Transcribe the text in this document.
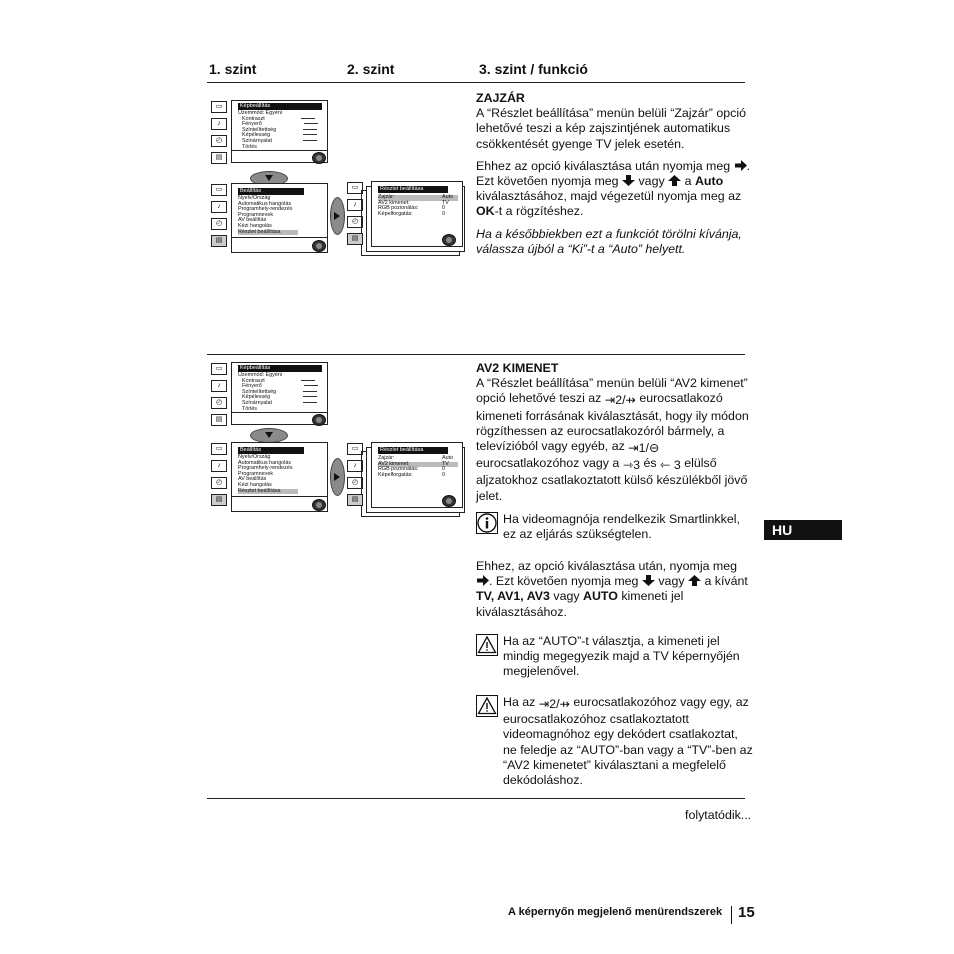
1. szint	2. szint	3. szint / funkció
▭
♪
◴
▤
Képbeállítás
Üzemmód: Egyéni
Kontraszt
Fényerő
Színtelítettség
Képélesség
Színárnyalat
Törlés
▭
♪
◴
▤
Beállítás
Nyelv/Ország
Automatikus hangolás
Programhely-rendezés
Programnevek
AV beállítás
Kézi hangolás
Részlet beállítása
▭
♪
◴
▤
Részlet beállítása
Zajzár:	Auto
AV2 kimenet:	TV
RGB pozionálás:	0
Képelforgatás:	0
ZAJZÁR

A “Részlet beállítása” menün belüli “Zajzár” opció lehetővé teszi a kép zajszintjének automatikus csökkentését gyenge TV jelek esetén.

Ehhez az opció kiválasztása után nyomja meg . Ezt követően nyomja meg vagy a Auto kiválasztásához, majd végezetül nyomja meg az OK-t a rögzítéshez.

Ha a későbbiekben ezt a funkciót törölni kívánja, válassza újból a “Ki”-t a “Auto” helyett.

▭
♪
◴
▤
Képbeállítás
Üzemmód: Egyéni
Kontraszt
Fényerő
Színtelítettség
Képélesség
Színárnyalat
Törlés
▭
♪
◴
▤
Beállítás
Nyelv/Ország
Automatikus hangolás
Programhely-rendezés
Programnevek
AV beállítás
Kézi hangolás
Részlet beállítása
▭
♪
◴
▤
Részlet beállítása
Zajzár:	Auto
AV2 kimenet:	TV
RGB pozionálás:	0
Képelforgatás:	0
AV2 KIMENET

A “Részlet beállítása” menün belüli “AV2 kimenet” opció lehetővé teszi az ⇥2/⇸ eurocsatlakozó kimeneti forrásának kiválasztását, hogy ily módon rögzíthessen az eurocsatlakozóról bármely, a televízióból vagy egyéb, az ⇥1/⊖ eurocsatlakozóhoz vagy a ⇾3 és ⇽ 3 elülső aljzatokhoz csatlakoztatott külső készülékből jövő jelet.

Ha videomagnója rendelkezik Smartlinkkel, ez az eljárás szükségtelen.

Ehhez, az opció kiválasztása után, nyomja meg . Ezt követően nyomja meg vagy a kívánt TV, AV1, AV3 vagy AUTO kimeneti jel kiválasztásához.

Ha az “AUTO”-t választja, a kimeneti jel mindig megegyezik majd a TV képernyőjén megjelenővel.
Ha az ⇥2/⇸ eurocsatlakozóhoz vagy egy, az eurocsatlakozóhoz csatlakoztatott videomagnóhoz egy dekódert csatlakoztat, ne feledje az “AUTO”-ban vagy a “TV”-ben az “AV2 kimenetet” kiválasztani a megfelelő dekódoláshoz.
HU
folytatódik...
A képernyőn megjelenő menürendszerek 15
